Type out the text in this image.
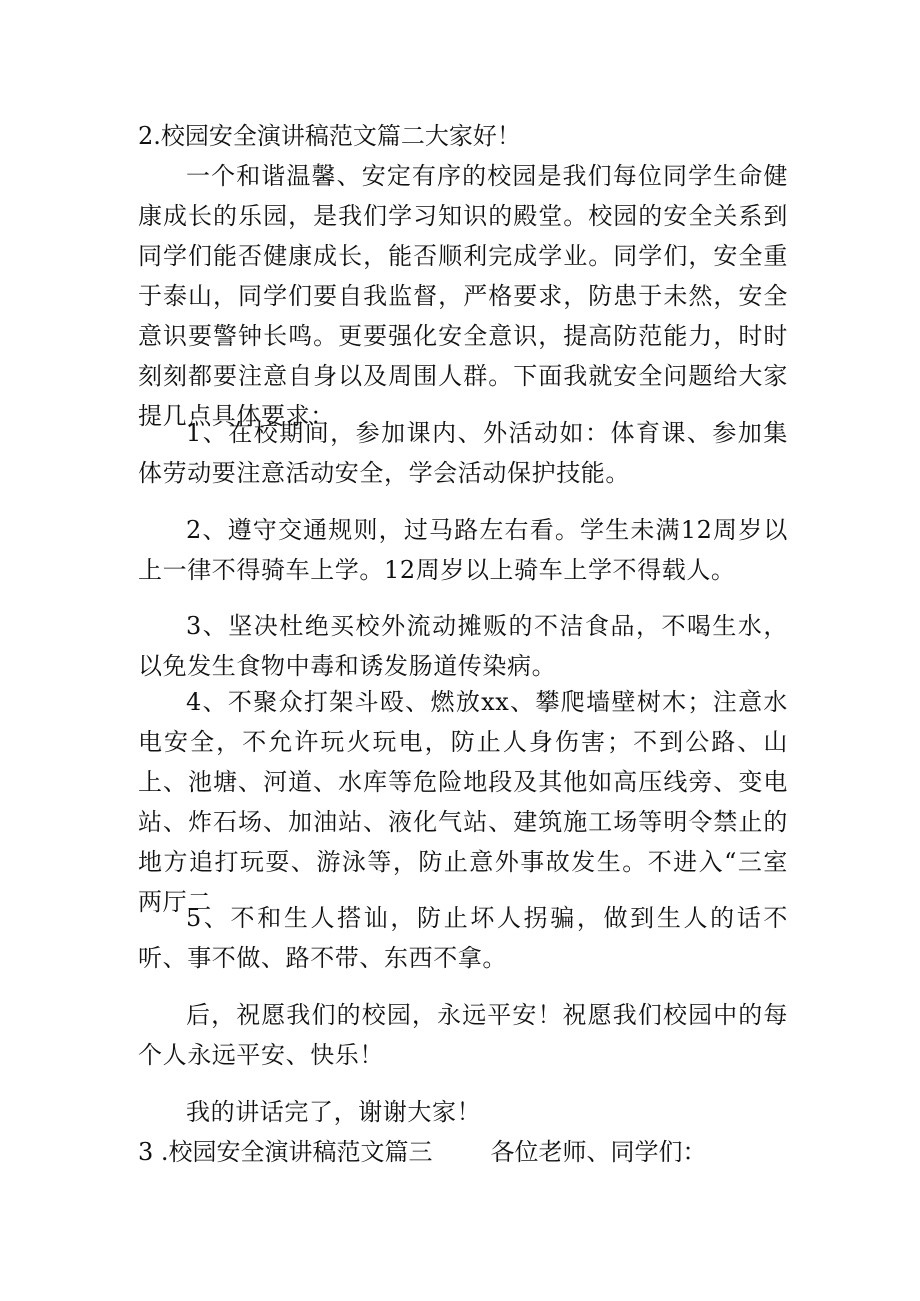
2.校园安全演讲稿范文篇二大家好！
一个和谐温馨、安定有序的校园是我们每位同学生命健康成长的乐园，是我们学习知识的殿堂。校园的安全关系到同学们能否健康成长，能否顺利完成学业。同学们，安全重于泰山，同学们要自我监督，严格要求，防患于未然，安全意识要警钟长鸣。更要强化安全意识，提高防范能力，时时刻刻都要注意自身以及周围人群。下面我就安全问题给大家提几点具体要求：
1、在校期间，参加课内、外活动如：体育课、参加集体劳动要注意活动安全，学会活动保护技能。
2、遵守交通规则，过马路左右看。学生未满12周岁以上一律不得骑车上学。12周岁以上骑车上学不得载人。
3、坚决杜绝买校外流动摊贩的不洁食品，不喝生水，以免发生食物中毒和诱发肠道传染病。
4、不聚众打架斗殴、燃放xx、攀爬墙壁树木；注意水电安全，不允许玩火玩电，防止人身伤害；不到公路、山上、池塘、河道、水库等危险地段及其他如高压线旁、变电站、炸石场、加油站、液化气站、建筑施工场等明令禁止的地方追打玩耍、游泳等，防止意外事故发生。不进入“三室两厅二
5、不和生人搭讪，防止坏人拐骗，做到生人的话不听、事不做、路不带、东西不拿。
后，祝愿我们的校园，永远平安！祝愿我们校园中的每个人永远平安、快乐！
我的讲话完了，谢谢大家！
3 .校园安全演讲稿范文篇三 各位老师、同学们：
